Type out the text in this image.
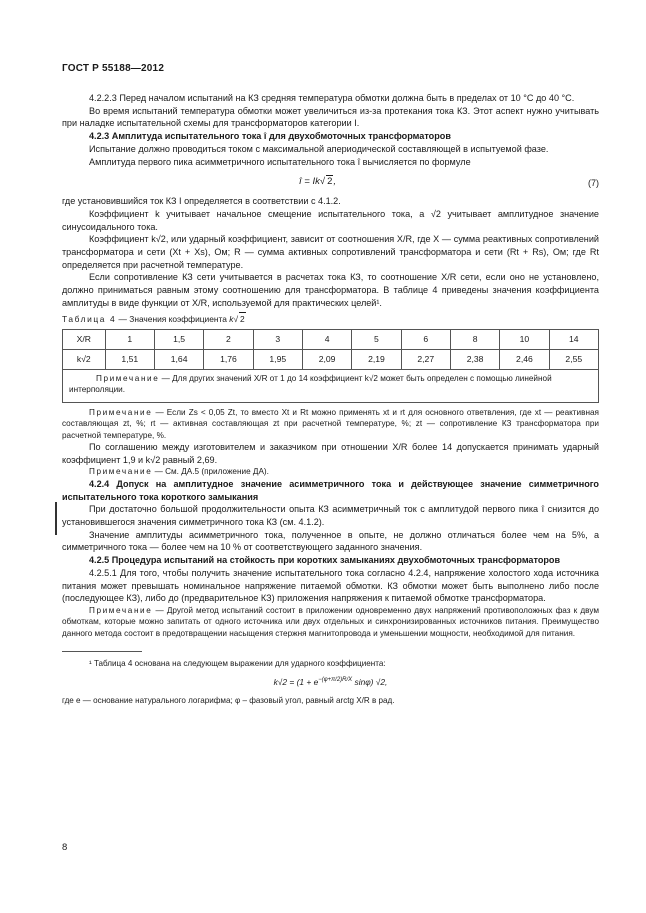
ГОСТ Р 55188—2012

4.2.2.3 Перед началом испытаний на КЗ средняя температура обмотки должна быть в пределах от 10 °С до 40 °С.

Во время испытаний температура обмотки может увеличиться из-за протекания тока КЗ. Этот аспект нужно учитывать при наладке испытательной схемы для трансформаторов категории I.

4.2.3 Амплитуда испытательного тока î для двухобмоточных трансформаторов

Испытание должно проводиться током с максимальной апериодической составляющей в испытуемой фазе.

Амплитуда первого пика асимметричного испытательного тока î вычисляется по формуле

î = Ik√ 2,	(7)

где установившийся ток КЗ I определяется в соответствии с 4.1.2.

Коэффициент k учитывает начальное смещение испытательного тока, а √2 учитывает амплитудное значение синусоидального тока.

Коэффициент k√2, или ударный коэффициент, зависит от соотношения X/R, где X — сумма реактивных сопротивлений трансформатора и сети (Xt + Xs), Ом; R — сумма активных сопротивлений трансформатора и сети (Rt + Rs), Ом; где Rt определяется при расчетной температуре.

Если сопротивление КЗ сети учитывается в расчетах тока КЗ, то соотношение X/R сети, если оно не установлено, должно приниматься равным этому соотношению для трансформатора. В таблице 4 приведены значения коэффициента амплитуды в виде функции от X/R, используемой для практических целей¹.

Таблица 4 — Значения коэффициента k√ 2
X/R	1	1,5	2	3	4	5	6	8	10	14
k√2	1,51	1,64	1,76	1,95	2,09	2,19	2,27	2,38	2,46	2,55
Примечание — Для других значений X/R от 1 до 14 коэффициент k√2 может быть определен с помощью линейной интерполяции.										

Примечание — Если Zs < 0,05 Zt, то вместо Xt и Rt можно применять xt и rt для основного ответвления, где xt — реактивная составляющая zt, %; rt — активная составляющая zt при расчетной температуре, %; zt — сопротивление КЗ трансформатора при расчетной температуре, %.

По соглашению между изготовителем и заказчиком при отношении X/R более 14 допускается принимать ударный коэффициент 1,9 и k√2 равный 2,69.

Примечание — См. ДА.5 (приложение ДА).

4.2.4 Допуск на амплитудное значение асимметричного тока и действующее значение симметричного испытательного тока короткого замыкания

При достаточно большой продолжительности опыта КЗ асимметричный ток с амплитудой первого пика î снизится до установившегося значения симметричного тока КЗ (см. 4.1.2).

Значение амплитуды асимметричного тока, полученное в опыте, не должно отличаться более чем на 5%, а симметричного тока — более чем на 10 % от соответствующего заданного значения.

4.2.5 Процедура испытаний на стойкость при коротких замыканиях двухобмоточных трансформаторов

4.2.5.1 Для того, чтобы получить значение испытательного тока согласно 4.2.4, напряжение холостого хода источника питания может превышать номинальное напряжение питаемой обмотки. КЗ обмотки может быть выполнено либо после (последующее КЗ), либо до (предварительное КЗ) приложения напряжения к питаемой обмотке трансформатора.

Примечание — Другой метод испытаний состоит в приложении одновременно двух напряжений противоположных фаз к двум обмоткам, которые можно запитать от одного источника или двух отдельных и синхронизированных источников питания. Преимущество данного метода состоит в предотвращении насыщения стержня магнитопровода и уменьшении мощности, необходимой для питания.

¹ Таблица 4 основана на следующем выражении для ударного коэффициента:

$k√2 = (1 + e^{-(\varphi+\pi/2)R/X}$ sinφ) √2,

где e — основание натурального логарифма; φ – фазовый угол, равный arctg X/R в рад.

8
